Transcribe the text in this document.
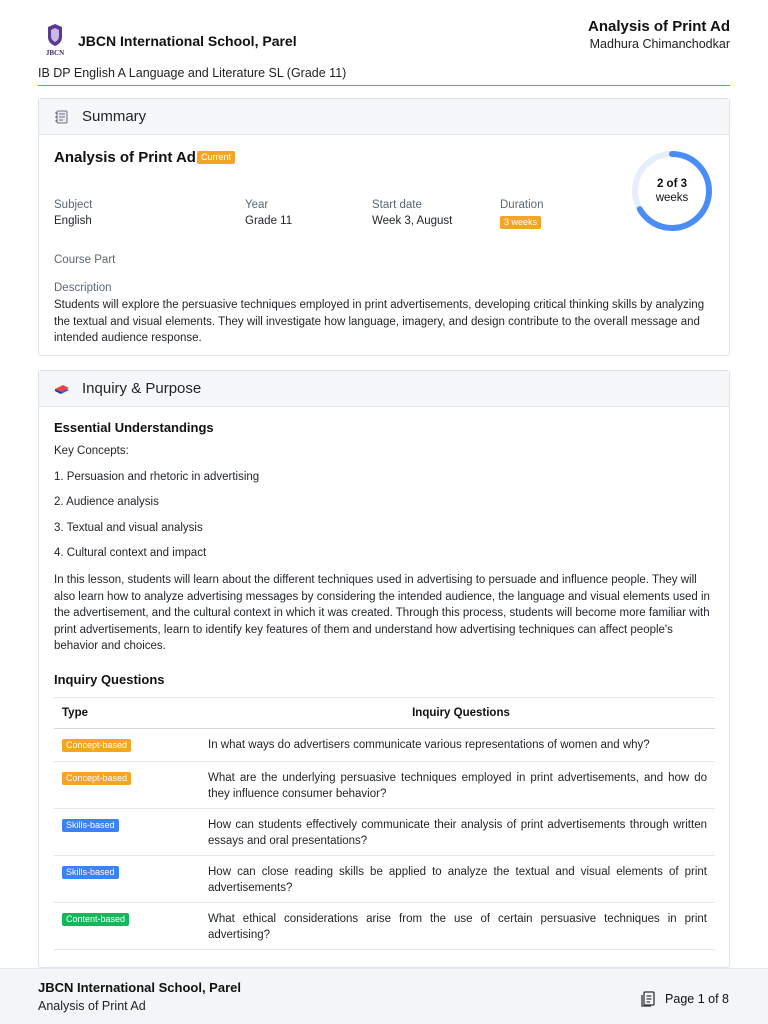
JBCN
JBCN International School, Parel
Analysis of Print Ad
Madhura Chimanchodkar
IB DP English A Language and Literature SL (Grade 11)
Summary
Analysis of Print Ad Current
Subject
English
Year
Grade 11
Start date
Week 3, August
Duration
3 weeks
Course Part
Description
Students will explore the persuasive techniques employed in print advertisements, developing critical thinking skills by analyzing the textual and visual elements. They will investigate how language, imagery, and design contribute to the overall message and intended audience response.
2 of 3
weeks
Inquiry & Purpose
Essential Understandings
Key Concepts:
1. Persuasion and rhetoric in advertising
2. Audience analysis
3. Textual and visual analysis
4. Cultural context and impact
In this lesson, students will learn about the different techniques used in advertising to persuade and influence people. They will also learn how to analyze advertising messages by considering the intended audience, the language and visual elements used in the advertisement, and the cultural context in which it was created. Through this process, students will become more familiar with print advertisements, learn to identify key features of them and understand how advertising techniques can affect people's behavior and choices.
Inquiry Questions
Type	Inquiry Questions
Concept-based	In what ways do advertisers communicate various representations of women and why?
Concept-based	What are the underlying persuasive techniques employed in print advertisements, and how do they influence consumer behavior?
Skills-based	How can students effectively communicate their analysis of print advertisements through written essays and oral presentations?
Skills-based	How can close reading skills be applied to analyze the textual and visual elements of print advertisements?
Content-based	What ethical considerations arise from the use of certain persuasive techniques in print advertising?
JBCN International School, Parel
Analysis of Print Ad	Page 1 of 8
